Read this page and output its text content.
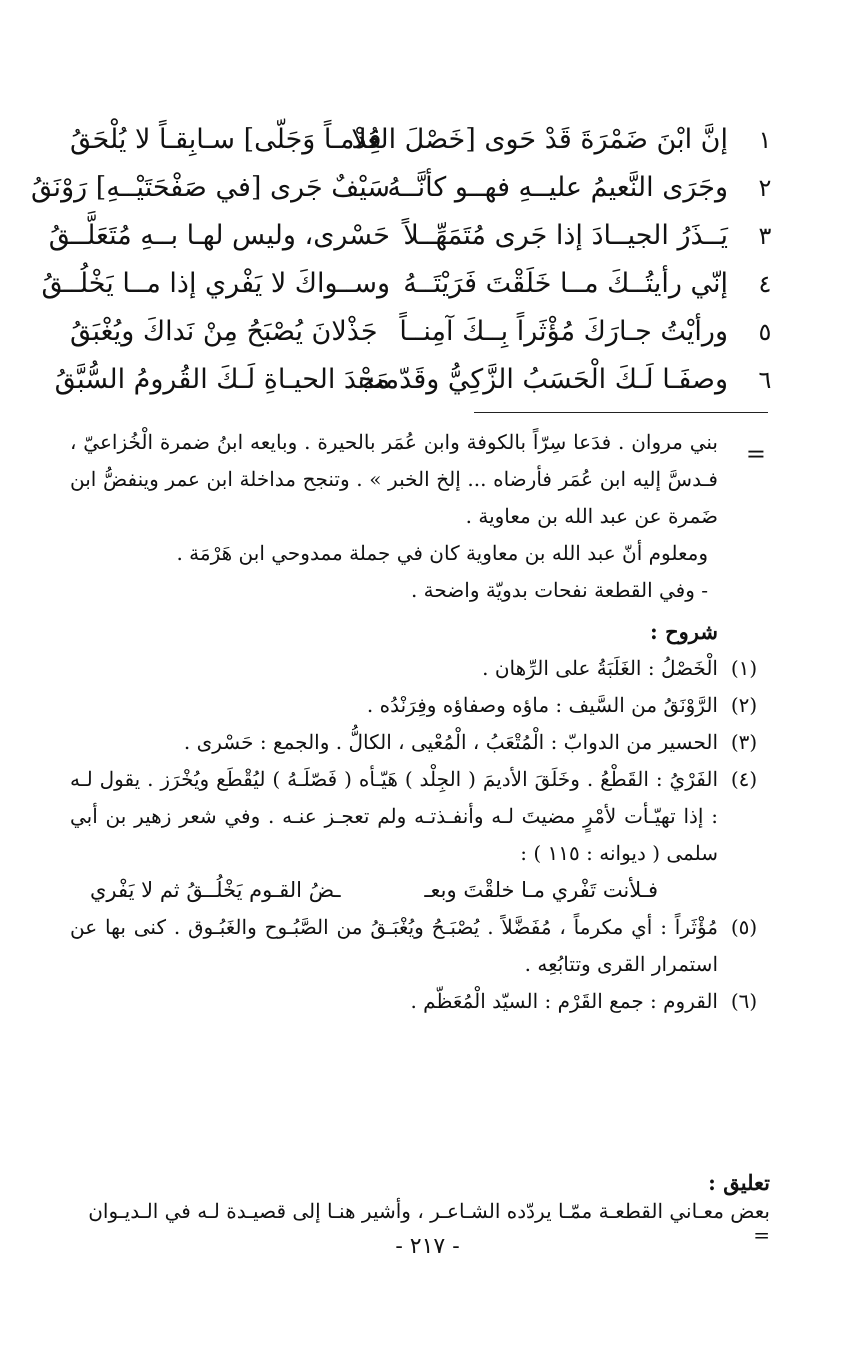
١
إنَّ ابْنَ ضَمْرَةَ قَدْ حَوى [خَصْلَ العُلا
قِدْمـاً وَجَلّى] سـابِقـاً لا يُلْحَقُ
٢
وجَرَى النَّعيمُ عليــهِ فهــو كأنَّــهُ
سَيْفٌ جَرى [في صَفْحَتَيْــهِ] رَوْنَقُ
٣
يَــذَرُ الجيــادَ إذا جَرى مُتَمَهِّــلاً
حَسْرى، وليس لهـا بــهِ مُتَعَلَّــقُ
٤
إنّي رأيتُــكَ مــا خَلَقْتَ فَرَيْتَــهُ
وســواكَ لا يَفْري إذا مــا يَخْلُــقُ
٥
ورأيْتُ جـارَكَ مُؤْثَراً بِــكَ آمِنــاً
جَذْلانَ يُصْبَحُ مِنْ نَداكَ ويُغْبَقُ
٦
وصفَـا لَـكَ الْحَسَبُ الزَّكِيُّ وقَدّمت
مَجْدَ الحيـاةِ لَـكَ القُرومُ السُّبَّقُ
=

بني مروان . فدَعا سِرّاً بالكوفة وابن عُمَر بالحيرة . وبايعه ابنُ ضمرة الْخُزاعيّ ، فـدسَّ إليه ابن عُمَر فأرضاه ... إلخ الخبر » . وتنجح مداخلة ابن عمر وينفضُّ ابن ضَمرة عن عبد الله بن معاوية .

ومعلوم أنّ عبد الله بن معاوية كان في جملة ممدوحي ابن هَرْمَة .

- وفي القطعة نفحات بدويّة واضحة .

شروح :
(١)
الْخَصْلُ : الغَلَبَةُ على الرِّهان .
(٢)
الرَّوْنَقُ من السَّيف : ماؤه وصفاؤه وفِرَنْدُه .
(٣)
الحسير من الدوابّ : الْمُتْعَبُ ، الْمُعْيى ، الكالُّ . والجمع : حَسْرى .
(٤)
الفَرْيُ : القَطْعُ . وخَلَقَ الأديمَ ( الجِلْد ) هَيّـأه ( فَصّلَـهُ ) ليُقْطَع ويُخْرَز . يقول لـه : إذا تهيّـأت لأمْرٍ مضيتَ لـه وأنفـذتـه ولم تعجـز عنـه . وفي شعر زهير بن أبي سلمى ( ديوانه : ١١٥ ) :
فـلأنت تَفْري مـا خلقْتَ وبعـ
ـضُ القـوم يَخْلُــقُ ثم لا يَفْري
(٥)
مُؤْثَراً : أي مكرماً ، مُفَضَّلاً . يُصْبَـحُ ويُغْبَـقُ من الصَّبُـوح والغَبُـوق . كنى بها عن استمرار القرى وتتابُعِه .
(٦)
القروم : جمع القَرْم : السيّد الْمُعَظّم .
تعليق :
بعض معـاني القطعـة ممّـا يردّده الشـاعـر ، وأشير هنـا إلى قصيـدة لـه في الـديـوان =
- ٢١٧ -
